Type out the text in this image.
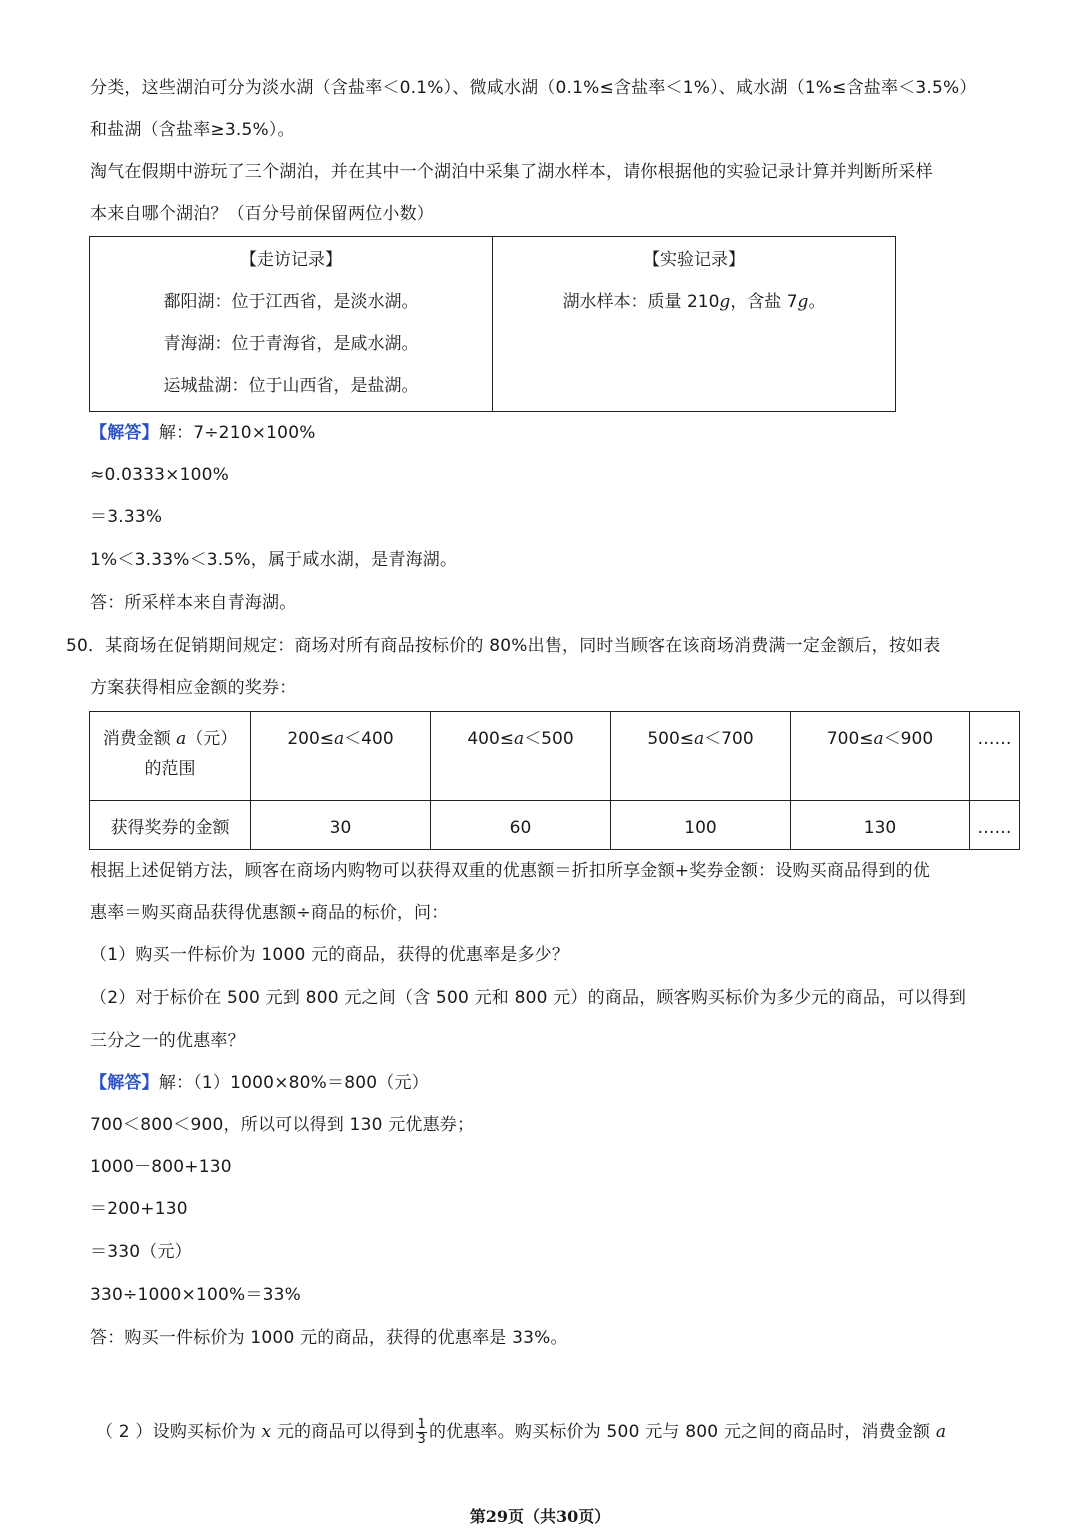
分类，这些湖泊可分为淡水湖（含盐率＜0.1%）、微咸水湖（0.1%≤含盐率＜1%）、咸水湖（1%≤含盐率＜3.5%）
和盐湖（含盐率≥3.5%）。
淘气在假期中游玩了三个湖泊，并在其中一个湖泊中采集了湖水样本，请你根据他的实验记录计算并判断所采样
本来自哪个湖泊？（百分号前保留两位小数）
【走访记录】
鄱阳湖：位于江西省，是淡水湖。
青海湖：位于青海省，是咸水湖。
运城盐湖：位于山西省，是盐湖。

【实验记录】
湖水样本：质量 210g，含盐 7g。
【解答】解：7÷210×100%
≈0.0333×100%
＝3.33%
1%＜3.33%＜3.5%，属于咸水湖，是青海湖。
答：所采样本来自青海湖。
50．某商场在促销期间规定：商场对所有商品按标价的 80%出售，同时当顾客在该商场消费满一定金额后，按如表
方案获得相应金额的奖券：
消费金额 a（元）
的范围	200≤a＜400	400≤a＜500	500≤a＜700	700≤a＜900	……
获得奖券的金额	30	60	100	130	……
根据上述促销方法，顾客在商场内购物可以获得双重的优惠额＝折扣所享金额+奖券金额：设购买商品得到的优
惠率＝购买商品获得优惠额÷商品的标价，问：
（1）购买一件标价为 1000 元的商品，获得的优惠率是多少？
（2）对于标价在 500 元到 800 元之间（含 500 元和 800 元）的商品，顾客购买标价为多少元的商品，可以得到
三分之一的优惠率？
【解答】解：（1）1000×80%＝800（元）
700＜800＜900，所以可以得到 130 元优惠券；
1000－800+130
＝200+130
＝330（元）
330÷1000×100%＝33%
答：购买一件标价为 1000 元的商品，获得的优惠率是 33%。
（ 2 ）设购买标价为 x 元的商品可以得到 $\frac{1}{3}$ 的优惠率。购买标价为 500 元与 800 元之间的商品时，消费金额 a
第29页（共30页）
